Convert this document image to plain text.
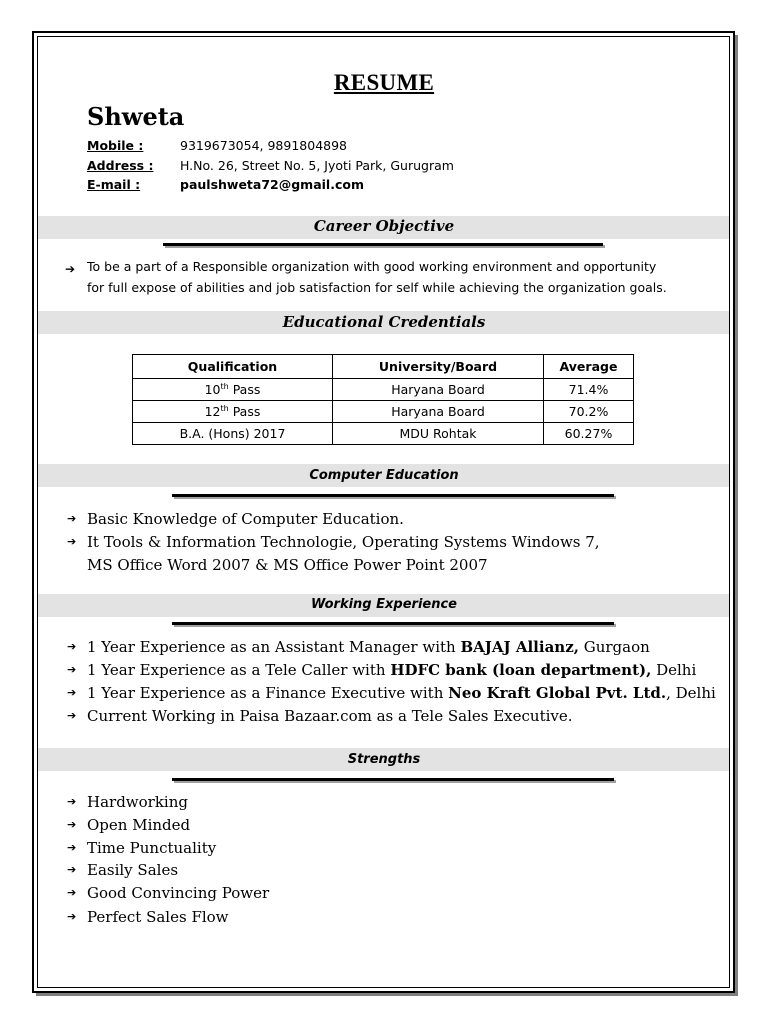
RESUME
Shweta
Mobile :	9319673054, 9891804898
Address : H.No. 26, Street No. 5, Jyoti Park, Gurugram
E-mail :	paulshweta72@gmail.com
Career Objective
➔ To be a part of a Responsible organization with good working environment and opportunity
for full expose of abilities and job satisfaction for self while achieving the organization goals.
Educational Credentials
Qualification	University/Board	Average
10th Pass	Haryana Board	71.4%
12th Pass	Haryana Board	70.2%
B.A. (Hons) 2017	MDU Rohtak	60.27%
Computer Education
➔ Basic Knowledge of Computer Education.
➔ It Tools & Information Technologie, Operating Systems Windows 7,
MS Office Word 2007 & MS Office Power Point 2007
Working Experience
➔ 1 Year Experience as an Assistant Manager with BAJAJ Allianz, Gurgaon
➔ 1 Year Experience as a Tele Caller with HDFC bank (loan department), Delhi
➔ 1 Year Experience as a Finance Executive with Neo Kraft Global Pvt. Ltd., Delhi
➔ Current Working in Paisa Bazaar.com as a Tele Sales Executive.
Strengths
➔ Hardworking
➔ Open Minded
➔ Time Punctuality
➔ Easily Sales
➔ Good Convincing Power
➔ Perfect Sales Flow
